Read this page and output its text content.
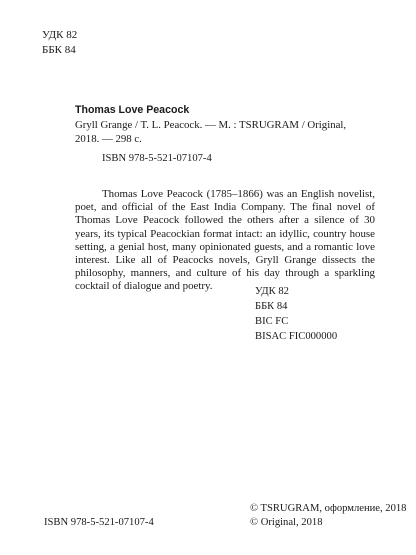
УДК 82
ББК 84
Thomas Love Peacock
Gryll Grange / T. L. Peacock. — M. : TSRUGRAM / Original,
2018. — 298 c.
ISBN 978-5-521-07107-4
Thomas Love Peacock (1785–1866) was an English novelist, poet, and official of the East India Company. The final novel of Thomas Love Peacock followed the others after a silence of 30 years, its typical Peacockian format intact: an idyllic, country house setting, a genial host, many opinionated guests, and a romantic love interest. Like all of Peacocks novels, Gryll Grange dissects the philosophy, manners, and culture of his day through a sparkling cocktail of dialogue and poetry.	УДК 82
ББК 84
BIC FC
BISAC FIC000000
ISBN 978-5-521-07107-4
© TSRUGRAM, оформление, 2018
© Original, 2018
